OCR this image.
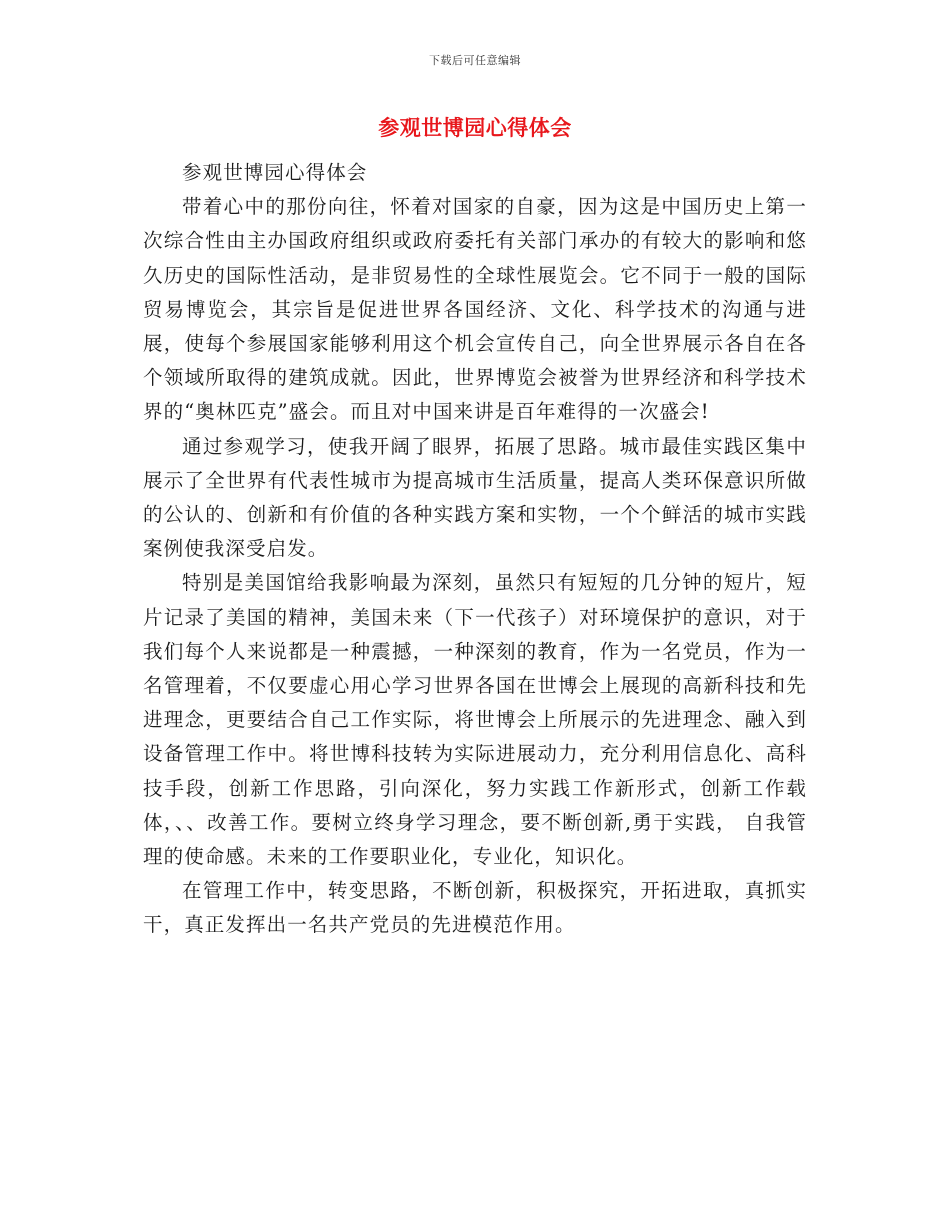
下载后可任意编辑
参观世博园心得体会

参观世博园心得体会

带着心中的那份向往，怀着对国家的自豪，因为这是中国历史上第一次综合性由主办国政府组织或政府委托有关部门承办的有较大的影响和悠久历史的国际性活动，是非贸易性的全球性展览会。它不同于一般的国际贸易博览会，其宗旨是促进世界各国经济、文化、科学技术的沟通与进展，使每个参展国家能够利用这个机会宣传自己，向全世界展示各自在各个领域所取得的建筑成就。因此，世界博览会被誉为世界经济和科学技术界的“奥林匹克”盛会。而且对中国来讲是百年难得的一次盛会!

通过参观学习，使我开阔了眼界，拓展了思路。城市最佳实践区集中展示了全世界有代表性城市为提高城市生活质量，提高人类环保意识所做的公认的、创新和有价值的各种实践方案和实物，一个个鲜活的城市实践案例使我深受启发。

特别是美国馆给我影响最为深刻，虽然只有短短的几分钟的短片，短片记录了美国的精神，美国未来（下一代孩子）对环境保护的意识，对于我们每个人来说都是一种震撼，一种深刻的教育，作为一名党员，作为一名管理着，不仅要虚心用心学习世界各国在世博会上展现的高新科技和先进理念，更要结合自己工作实际，将世博会上所展示的先进理念、融入到设备管理工作中。将世博科技转为实际进展动力，充分利用信息化、高科技手段，创新工作思路，引向深化，努力实践工作新形式，创新工作载体，、、改善工作。要树立终身学习理念，要不断创新,勇于实践， 自我管理的使命感。未来的工作要职业化，专业化，知识化。

在管理工作中，转变思路，不断创新，积极探究，开拓进取，真抓实干，真正发挥出一名共产党员的先进模范作用。
